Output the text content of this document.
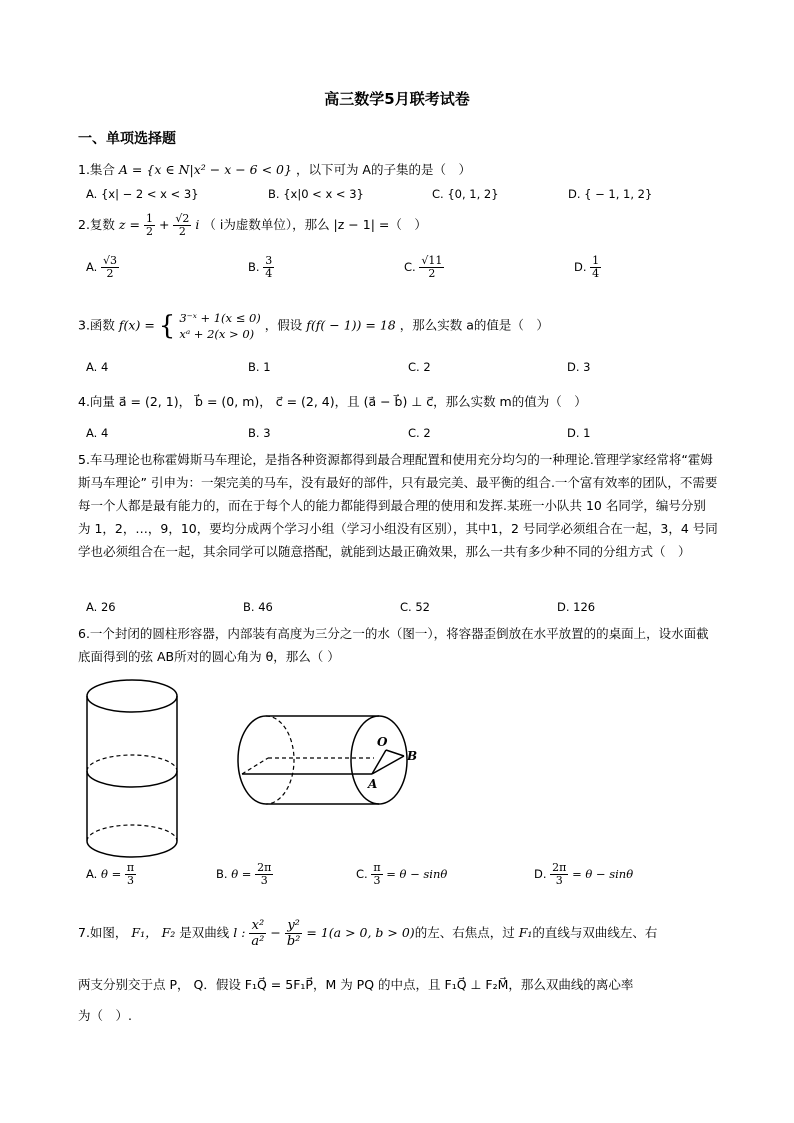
高三数学5月联考试卷
一、单项选择题
1.集合 A = {x ∈ N|x² − x − 6 < 0} ，以下可为 A的子集的是（　）
A. {x| − 2 < x < 3}	B. {x|0 < x < 3}	C. {0, 1, 2}	D. { − 1, 1, 2}
2.复数 $z = \frac{1}{2} + \frac{√2}{2}$ i （ i为虚数单位），那么 |z − 1| =（　）
A. $\frac{√3}{2}$	B. $\frac{3}{4}$	C. $\frac{√11}{2}$	D. $\frac{1}{4}$
3.函数 f(x) = { 3⁻ˣ + 1(x ≤ 0)
xᵃ + 2(x > 0)
，假设 f(f( − 1)) = 18 ，那么实数 a的值是（　）
A. 4	B. 1	C. 2	D. 3
4.向量 a⃗ = (2, 1)， b⃗ = (0, m)， c⃗ = (2, 4)，且 (a⃗ − b⃗) ⊥ c⃗，那么实数 m的值为（　）
A. 4	B. 3	C. 2	D. 1
5.车马理论也称霍姆斯马车理论，是指各种资源都得到最合理配置和使用充分均匀的一种理论.管理学家经常将“霍姆斯马车理论” 引申为：一架完美的马车，没有最好的部件，只有最完美、最平衡的组合.一个富有效率的团队，不需要每一个人都是最有能力的，而在于每个人的能力都能得到最合理的使用和发挥.某班一小队共 10 名同学，编号分别为 1，2，…，9，10，要均分成两个学习小组（学习小组没有区别），其中1，2 号同学必须组合在一起，3，4 号同学也必须组合在一起，其余同学可以随意搭配，就能到达最正确效果，那么一共有多少种不同的分组方式（　）
A. 26	B. 46	C. 52	D. 126
6.一个封闭的圆柱形容器，内部装有高度为三分之一的水（图一），将容器歪倒放在水平放置的的桌面上，设水面截底面得到的弦 AB所对的圆心角为 θ，那么（ ）
O
A
B
A. $\theta = \frac{\pi}{3}$	B. $\theta = \frac{2\pi}{3}$	C. $\frac{\pi}{3} = \theta - \sin\theta$	D. $\frac{2\pi}{3} = \theta - \sin\theta$
7.如图， F₁， F₂ 是双曲线 l : $\frac{\text{x²}}{\text{a²}} - \frac{\text{y²}}{\text{b²}} = 1(a > 0$, b > 0)的左、右焦点，过 F₁的直线与双曲线左、右
两支分别交于点 P， Q．假设 F₁Q⃗ = 5F₁P⃗，M 为 PQ 的中点，且 F₁Q⃗ ⊥ F₂M⃗，那么双曲线的离心率
为（　）.
